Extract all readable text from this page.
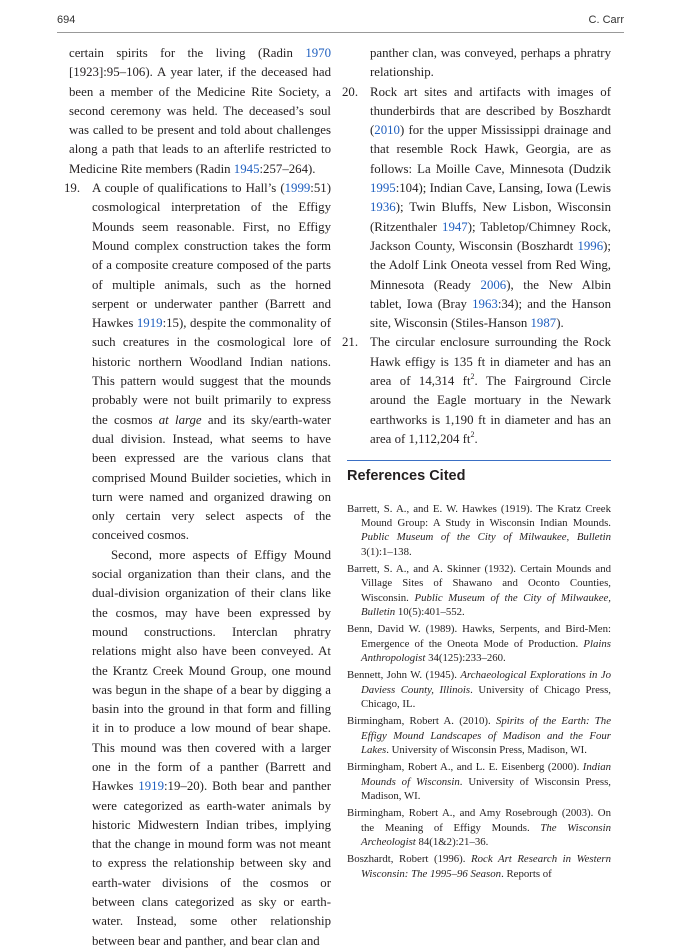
694	C. Carr

certain spirits for the living (Radin 1970 [1923]:95–106). A year later, if the deceased had been a member of the Medicine Rite Society, a second ceremony was held. The deceased’s soul was called to be present and told about challenges along a path that leads to an afterlife restricted to Medicine Rite members (Radin 1945:257–264).

19. A couple of qualifications to Hall’s (1999:51) cosmological interpretation of the Effigy Mounds seem reasonable. First, no Effigy Mound complex construction takes the form of a composite creature composed of the parts of multiple animals, such as the horned serpent or underwater panther (Barrett and Hawkes 1919:15), despite the commonality of such creatures in the cosmological lore of historic northern Woodland Indian nations. This pattern would suggest that the mounds probably were not built primarily to express the cosmos at large and its sky/earth-water dual division. Instead, what seems to have been expressed are the various clans that comprised Mound Builder societies, which in turn were named and organized drawing on only certain very select aspects of the conceived cosmos.

Second, more aspects of Effigy Mound social organization than their clans, and the dual-division organization of their clans like the cosmos, may have been expressed by mound constructions. Interclan phratry relations might also have been conveyed. At the Krantz Creek Mound Group, one mound was begun in the shape of a bear by digging a basin into the ground in that form and filling it in to produce a low mound of bear shape. This mound was then covered with a larger one in the form of a panther (Barrett and Hawkes 1919:19–20). Both bear and panther were categorized as earth-water animals by historic Midwestern Indian tribes, implying that the change in mound form was not meant to express the relationship between sky and earth-water divisions of the cosmos or between clans categorized as sky or earth-water. Instead, some other relationship between bear and panther, and bear clan and

panther clan, was conveyed, perhaps a phratry relationship.

20. Rock art sites and artifacts with images of thunderbirds that are described by Boszhardt (2010) for the upper Mississippi drainage and that resemble Rock Hawk, Georgia, are as follows: La Moille Cave, Minnesota (Dudzik 1995:104); Indian Cave, Lansing, Iowa (Lewis 1936); Twin Bluffs, New Lisbon, Wisconsin (Ritzenthaler 1947); Tabletop/Chimney Rock, Jackson County, Wisconsin (Boszhardt 1996); the Adolf Link Oneota vessel from Red Wing, Minnesota (Ready 2006), the New Albin tablet, Iowa (Bray 1963:34); and the Hanson site, Wisconsin (Stiles-Hanson 1987).

21. The circular enclosure surrounding the Rock Hawk effigy is 135 ft in diameter and has an area of 14,314 $ft^2$. The Fairground Circle around the Eagle mortuary in the Newark earthworks is 1,190 ft in diameter and has an area of 1,112,204 $ft^2$.

References Cited

Barrett, S. A., and E. W. Hawkes (1919). The Kratz Creek Mound Group: A Study in Wisconsin Indian Mounds. Public Museum of the City of Milwaukee, Bulletin 3(1):1–138.

Barrett, S. A., and A. Skinner (1932). Certain Mounds and Village Sites of Shawano and Oconto Counties, Wisconsin. Public Museum of the City of Milwaukee, Bulletin 10(5):401–552.

Benn, David W. (1989). Hawks, Serpents, and Bird-Men: Emergence of the Oneota Mode of Production. Plains Anthropologist 34(125):233–260.

Bennett, John W. (1945). Archaeological Explorations in Jo Daviess County, Illinois. University of Chicago Press, Chicago, IL.

Birmingham, Robert A. (2010). Spirits of the Earth: The Effigy Mound Landscapes of Madison and the Four Lakes. University of Wisconsin Press, Madison, WI.

Birmingham, Robert A., and L. E. Eisenberg (2000). Indian Mounds of Wisconsin. University of Wisconsin Press, Madison, WI.

Birmingham, Robert A., and Amy Rosebrough (2003). On the Meaning of Effigy Mounds. The Wisconsin Archeologist 84(1&2):21–36.

Boszhardt, Robert (1996). Rock Art Research in Western Wisconsin: The 1995–96 Season. Reports of
